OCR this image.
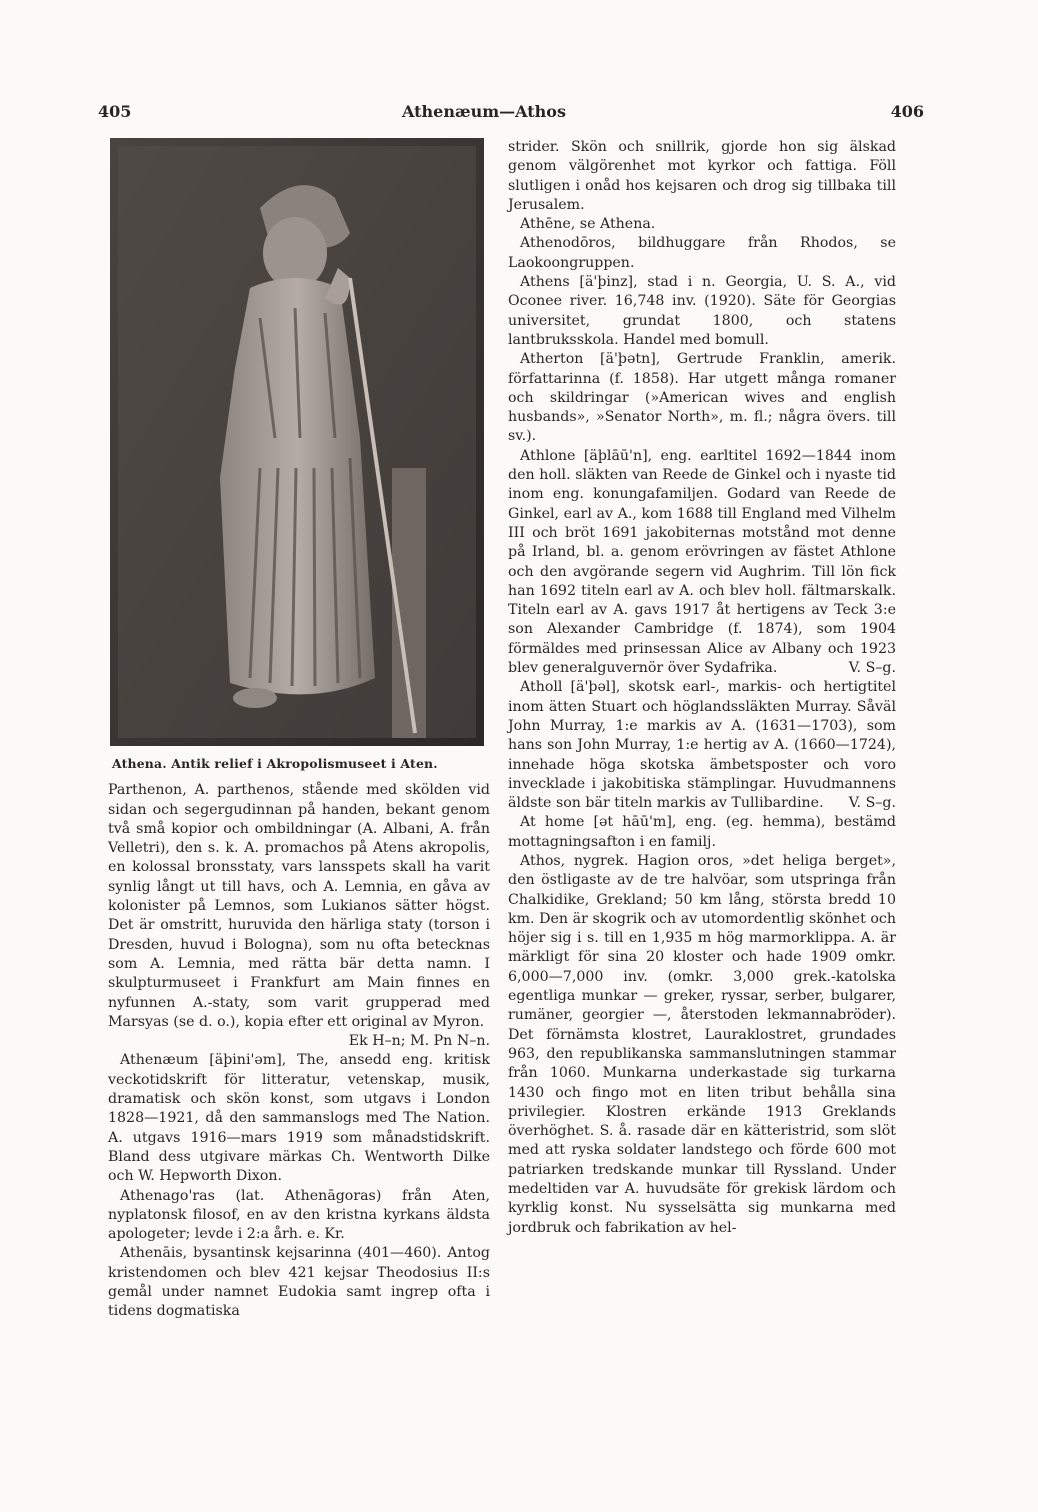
405	Athenæum—Athos	406
Athena. Antik relief i Akropolismuseet i Aten.

Parthenon, A. parthenos, stående med skölden vid sidan och segergudinnan på handen, bekant genom två små kopior och ombildningar (A. Albani, A. från Velletri), den s. k. A. promachos på Atens akropolis, en kolossal bronsstaty, vars lansspets skall ha varit synlig långt ut till havs, och A. Lemnia, en gåva av kolonister på Lemnos, som Lukianos sätter högst. Det är omstritt, huruvida den härliga staty (torson i Dresden, huvud i Bologna), som nu ofta betecknas som A. Lemnia, med rätta bär detta namn. I skulpturmuseet i Frankfurt am Main finnes en nyfunnen A.-staty, som varit grupperad med Marsyas (se d. o.), kopia efter ett original av Myron.
Ek H–n; M. Pn N–n.

Athenæum [äþini'əm], The, ansedd eng. kritisk veckotidskrift för litteratur, vetenskap, musik, dramatisk och skön konst, som utgavs i London 1828—1921, då den sammanslogs med The Nation. A. utgavs 1916—mars 1919 som månadstidskrift. Bland dess utgivare märkas Ch. Wentworth Dilke och W. Hepworth Dixon.

Athenago'ras (lat. Athenāgoras) från Aten, nyplatonsk filosof, en av den kristna kyrkans äldsta apologeter; levde i 2:a årh. e. Kr.

Athenāis, bysantinsk kejsarinna (401—460). Antog kristendomen och blev 421 kejsar Theodosius II:s gemål under namnet Eudokia samt ingrep ofta i tidens dogmatiska

strider. Skön och snillrik, gjorde hon sig älskad genom välgörenhet mot kyrkor och fattiga. Föll slutligen i onåd hos kejsaren och drog sig tillbaka till Jerusalem.

Athēne, se Athena.

Athenodōros, bildhuggare från Rhodos, se Laokoongruppen.

Athens [ä'þinz], stad i n. Georgia, U. S. A., vid Oconee river. 16,748 inv. (1920). Säte för Georgias universitet, grundat 1800, och statens lantbruksskola. Handel med bomull.

Atherton [ä'þətn], Gertrude Franklin, amerik. författarinna (f. 1858). Har utgett många romaner och skildringar (»American wives and english husbands», »Senator North», m. fl.; några övers. till sv.).

Athlone [äþlāū'n], eng. earltitel 1692—1844 inom den holl. släkten van Reede de Ginkel och i nyaste tid inom eng. konungafamiljen. Godard van Reede de Ginkel, earl av A., kom 1688 till England med Vilhelm III och bröt 1691 jakobiternas motstånd mot denne på Irland, bl. a. genom erövringen av fästet Athlone och den avgörande segern vid Aughrim. Till lön fick han 1692 titeln earl av A. och blev holl. fältmarskalk. Titeln earl av A. gavs 1917 åt hertigens av Teck 3:e son Alexander Cambridge (f. 1874), som 1904 förmäldes med prinsessan Alice av Albany och 1923 blev generalguvernör över Sydafrika.	V. S–g.

Atholl [ä'þəl], skotsk earl-, markis- och hertigtitel inom ätten Stuart och höglandssläkten Murray. Såväl John Murray, 1:e markis av A. (1631—1703), som hans son John Murray, 1:e hertig av A. (1660—1724), innehade höga skotska ämbetsposter och voro invecklade i jakobitiska stämplingar. Huvudmannens äldste son bär titeln markis av Tullibardine.	V. S–g.

At home [ət hāū'm], eng. (eg. hemma), bestämd mottagningsafton i en familj.

Athos, nygrek. Hagion oros, »det heliga berget», den östligaste av de tre halvöar, som utspringa från Chalkidike, Grekland; 50 km lång, största bredd 10 km. Den är skogrik och av utomordentlig skönhet och höjer sig i s. till en 1,935 m hög marmorklippa. A. är märkligt för sina 20 kloster och hade 1909 omkr. 6,000—7,000 inv. (omkr. 3,000 grek.-katolska egentliga munkar — greker, ryssar, serber, bulgarer, rumäner, georgier —, återstoden lekmannabröder). Det förnämsta klostret, Lauraklostret, grundades 963, den republikanska sammanslutningen stammar från 1060. Munkarna underkastade sig turkarna 1430 och fingo mot en liten tribut behålla sina privilegier. Klostren erkände 1913 Greklands överhöghet. S. å. rasade där en kätteristrid, som slöt med att ryska soldater landstego och förde 600 mot patriarken tredskande munkar till Ryssland. Under medeltiden var A. huvudsäte för grekisk lärdom och kyrklig konst. Nu sysselsätta sig munkarna med jordbruk och fabrikation av hel-
